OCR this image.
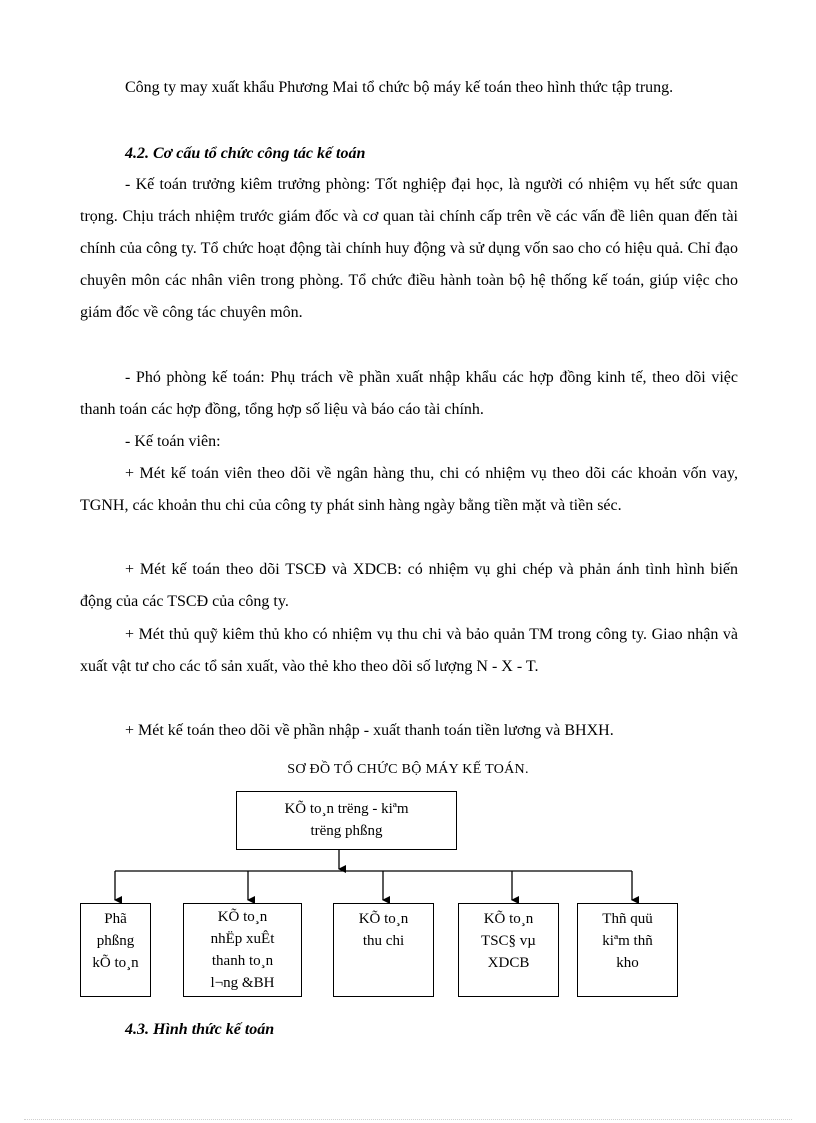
Công ty may xuất khẩu Phương Mai tổ chức bộ máy kế toán theo hình thức tập trung.

4.2. Cơ cấu tổ chức công tác kế toán

- Kế toán trưởng kiêm trưởng phòng: Tốt nghiệp đại học, là người có nhiệm vụ hết sức quan trọng. Chịu trách nhiệm trước giám đốc và cơ quan tài chính cấp trên về các vấn đề liên quan đến tài chính của công ty. Tổ chức hoạt động tài chính huy động và sử dụng vốn sao cho có hiệu quả. Chỉ đạo chuyên môn các nhân viên trong phòng. Tổ chức điều hành toàn bộ hệ thống kế toán, giúp việc cho giám đốc về công tác chuyên môn.

- Phó phòng kế toán: Phụ trách về phần xuất nhập khẩu các hợp đồng kinh tế, theo dõi việc thanh toán các hợp đồng, tổng hợp số liệu và báo cáo tài chính.

- Kế toán viên:

+ Mét kế toán viên theo dõi về ngân hàng thu, chi có nhiệm vụ theo dõi các khoản vốn vay, TGNH, các khoản thu chi của công ty phát sinh hàng ngày bằng tiền mặt và tiền séc.

+ Mét kế toán theo dõi TSCĐ và XDCB: có nhiệm vụ ghi chép và phản ánh tình hình biến động của các TSCĐ của công ty.

+ Mét thủ quỹ kiêm thủ kho có nhiệm vụ thu chi và bảo quản TM trong công ty. Giao nhận và xuất vật tư cho các tổ sản xuất, vào thẻ kho theo dõi số lượng N - X - T.

+ Mét kế toán theo dõi về phần nhập - xuất thanh toán tiền lương và BHXH.

SƠ ĐỒ TỔ CHỨC BỘ MÁY KẾ TOÁN.
KÕ to¸n trëng - kiªm
trëng phßng
Phã
phßng
kÕ to¸n
KÕ to¸n
nhËp xuÊt
thanh to¸n
l¬ng &BH
KÕ to¸n
thu chi
KÕ to¸n
TSC§ vµ
XDCB
Thñ quü
kiªm thñ
kho

4.3. Hình thức kế toán
